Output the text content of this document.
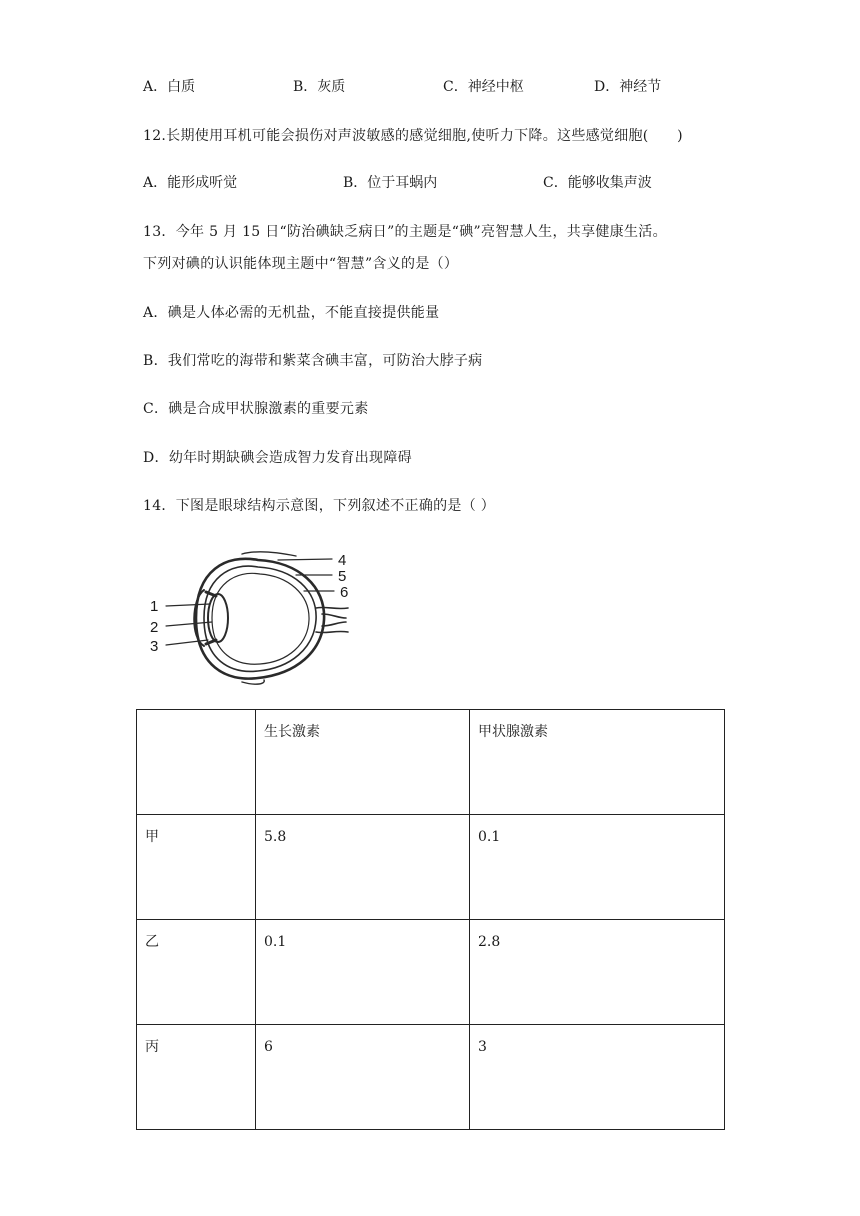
A．白质	B．灰质	C．神经中枢	D．神经节
12.长期使用耳机可能会损伤对声波敏感的感觉细胞,使听力下降。这些感觉细胞(　　)
A．能形成听觉	B．位于耳蜗内	C．能够收集声波
13．今年 5 月 15 日“防治碘缺乏病日”的主题是“碘”亮智慧人生，共享健康生活。
下列对碘的认识能体现主题中“智慧”含义的是（）
A．碘是人体必需的无机盐，不能直接提供能量
B．我们常吃的海带和紫菜含碘丰富，可防治大脖子病
C．碘是合成甲状腺激素的重要元素
D．幼年时期缺碘会造成智力发育出现障碍
14．下图是眼球结构示意图，下列叙述不正确的是（ ）
1
2
3
4
5
6
	生长激素	甲状腺激素
甲	5.8	0.1
乙	0.1	2.8
丙	6	3
